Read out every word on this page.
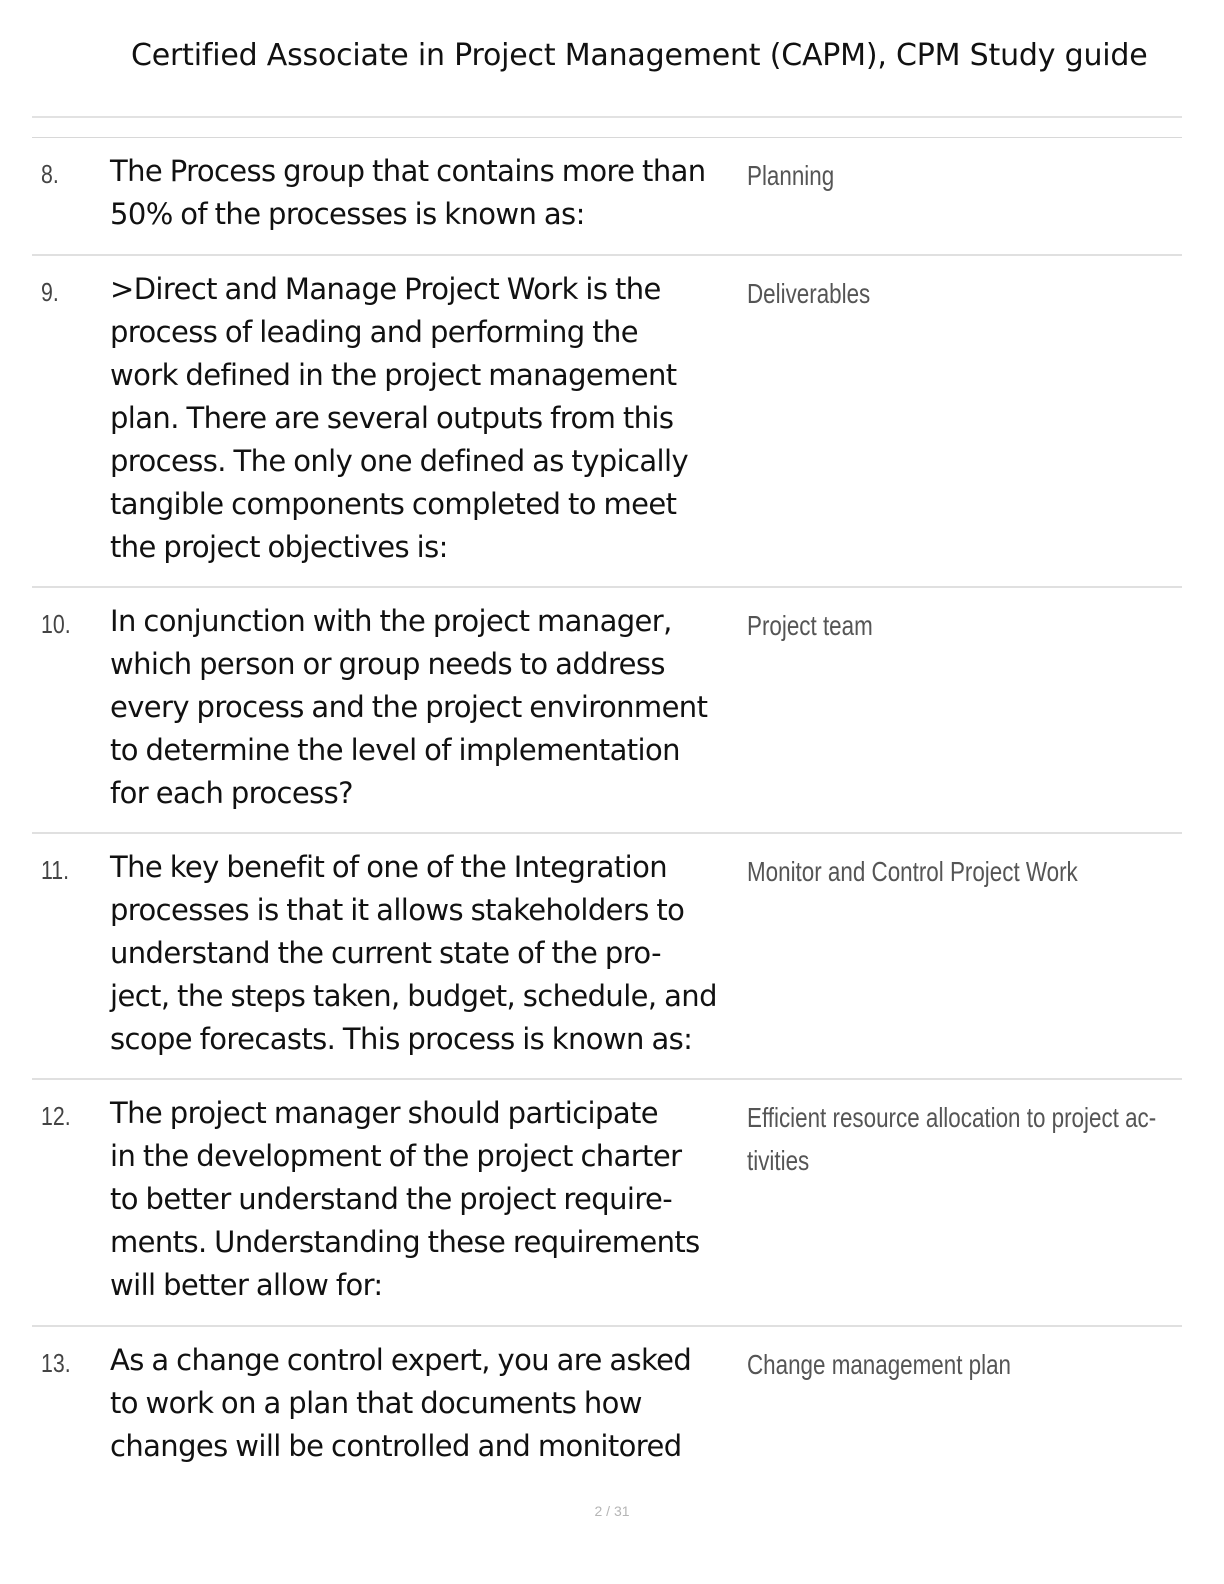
Certified Associate in Project Management (CAPM), CPM Study guide
8. The Process group that contains more than
50% of the processes is known as:
Planning
9. >Direct and Manage Project Work is the
process of leading and performing the
work defined in the project management
plan. There are several outputs from this
process. The only one defined as typically
tangible components completed to meet
the project objectives is:
Deliverables
10. In conjunction with the project manager,
which person or group needs to address
every process and the project environment
to determine the level of implementation
for each process?
Project team
11. The key benefit of one of the Integration
processes is that it allows stakeholders to
understand the current state of the pro-
ject, the steps taken, budget, schedule, and
scope forecasts. This process is known as:
Monitor and Control Project Work
12. The project manager should participate
in the development of the project charter
to better understand the project require-
ments. Understanding these requirements
will better allow for:
Efficient resource allocation to project ac-
tivities
13. As a change control expert, you are asked
to work on a plan that documents how
changes will be controlled and monitored
Change management plan
2 / 31
